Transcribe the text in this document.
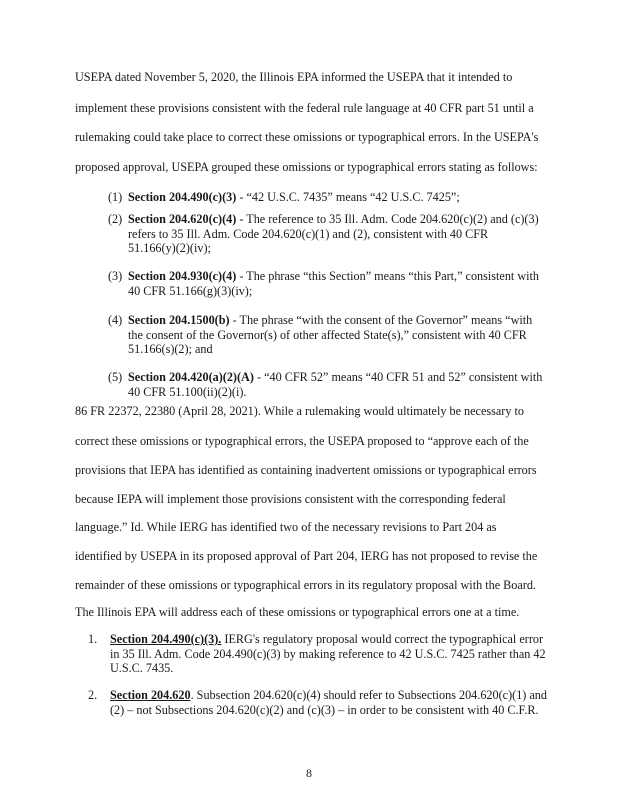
USEPA dated November 5, 2020, the Illinois EPA informed the USEPA that it intended to
implement these provisions consistent with the federal rule language at 40 CFR part 51 until a
rulemaking could take place to correct these omissions or typographical errors. In the USEPA's
proposed approval, USEPA grouped these omissions or typographical errors stating as follows:
(1) Section 204.490(c)(3) - “42 U.S.C. 7435” means “42 U.S.C. 7425”;
(2) Section 204.620(c)(4) - The reference to 35 Ill. Adm. Code 204.620(c)(2) and (c)(3)
refers to 35 Ill. Adm. Code 204.620(c)(1) and (2), consistent with 40 CFR
51.166(y)(2)(iv);
(3) Section 204.930(c)(4) - The phrase “this Section” means “this Part,” consistent with
40 CFR 51.166(g)(3)(iv);
(4) Section 204.1500(b) - The phrase “with the consent of the Governor” means “with
the consent of the Governor(s) of other affected State(s),” consistent with 40 CFR
51.166(s)(2); and
(5) Section 204.420(a)(2)(A) - “40 CFR 52” means “40 CFR 51 and 52” consistent with
40 CFR 51.100(ii)(2)(i).
86 FR 22372, 22380 (April 28, 2021). While a rulemaking would ultimately be necessary to
correct these omissions or typographical errors, the USEPA proposed to “approve each of the
provisions that IEPA has identified as containing inadvertent omissions or typographical errors
because IEPA will implement those provisions consistent with the corresponding federal
language.” Id. While IERG has identified two of the necessary revisions to Part 204 as
identified by USEPA in its proposed approval of Part 204, IERG has not proposed to revise the
remainder of these omissions or typographical errors in its regulatory proposal with the Board.
The Illinois EPA will address each of these omissions or typographical errors one at a time.
1.	Section 204.490(c)(3). IERG's regulatory proposal would correct the typographical error
in 35 Ill. Adm. Code 204.490(c)(3) by making reference to 42 U.S.C. 7425 rather than 42
U.S.C. 7435.
2.	Section 204.620. Subsection 204.620(c)(4) should refer to Subsections 204.620(c)(1) and
(2) – not Subsections 204.620(c)(2) and (c)(3) – in order to be consistent with 40 C.F.R.
8
